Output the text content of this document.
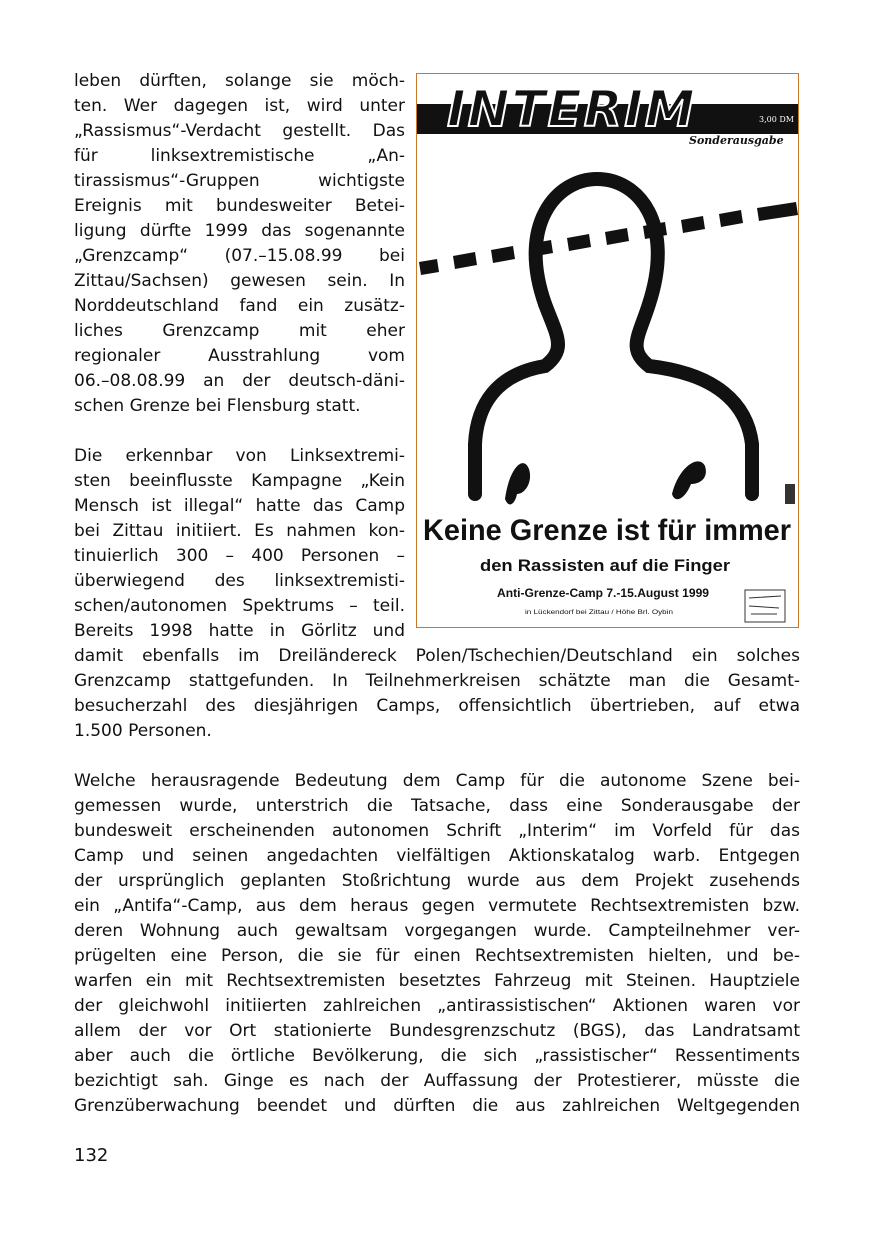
leben dürften, solange sie möch-
ten. Wer dagegen ist, wird unter
„Rassismus“-Verdacht gestellt. Das
für linksextremistische „An-
tirassismus“-Gruppen wichtigste
Ereignis mit bundesweiter Betei-
ligung dürfte 1999 das sogenannte
„Grenzcamp“ (07.–15.08.99 bei
Zittau/Sachsen) gewesen sein. In
Norddeutschland fand ein zusätz-
liches Grenzcamp mit eher
regionaler Ausstrahlung vom
06.–08.08.99 an der deutsch-däni-
schen Grenze bei Flensburg statt.
Die erkennbar von Linksextremi-
sten beeinflusste Kampagne „Kein
Mensch ist illegal“ hatte das Camp
bei Zittau initiiert. Es nahmen kon-
tinuierlich 300 – 400 Personen –
überwiegend des linksextremisti-
schen/autonomen Spektrums – teil.
Bereits 1998 hatte in Görlitz und
damit ebenfalls im Dreiländereck Polen/Tschechien/Deutschland ein solches
Grenzcamp stattgefunden. In Teilnehmerkreisen schätzte man die Gesamt-
besucherzahl des diesjährigen Camps, offensichtlich übertrieben, auf etwa
1.500 Personen.
Welche herausragende Bedeutung dem Camp für die autonome Szene bei-
gemessen wurde, unterstrich die Tatsache, dass eine Sonderausgabe der
bundesweit erscheinenden autonomen Schrift „Interim“ im Vorfeld für das
Camp und seinen angedachten vielfältigen Aktionskatalog warb. Entgegen
der ursprünglich geplanten Stoßrichtung wurde aus dem Projekt zusehends
ein „Antifa“-Camp, aus dem heraus gegen vermutete Rechtsextremisten bzw.
deren Wohnung auch gewaltsam vorgegangen wurde. Campteilnehmer ver-
prügelten eine Person, die sie für einen Rechtsextremisten hielten, und be-
warfen ein mit Rechtsextremisten besetztes Fahrzeug mit Steinen. Hauptziele
der gleichwohl initiierten zahlreichen „antirassistischen“ Aktionen waren vor
allem der vor Ort stationierte Bundesgrenzschutz (BGS), das Landratsamt
aber auch die örtliche Bevölkerung, die sich „rassistischer“ Ressentiments
bezichtigt sah. Ginge es nach der Auffassung der Protestierer, müsste die
Grenzüberwachung beendet und dürften die aus zahlreichen Weltgegenden
INTERIM	3,00 DM
Sonderausgabe
Keine Grenze ist für immer
den Rassisten auf die Finger
Anti-Grenze-Camp 7.-15.August 1999
in Lückendorf bei Zittau / Höhe Brl. Oybin
132
